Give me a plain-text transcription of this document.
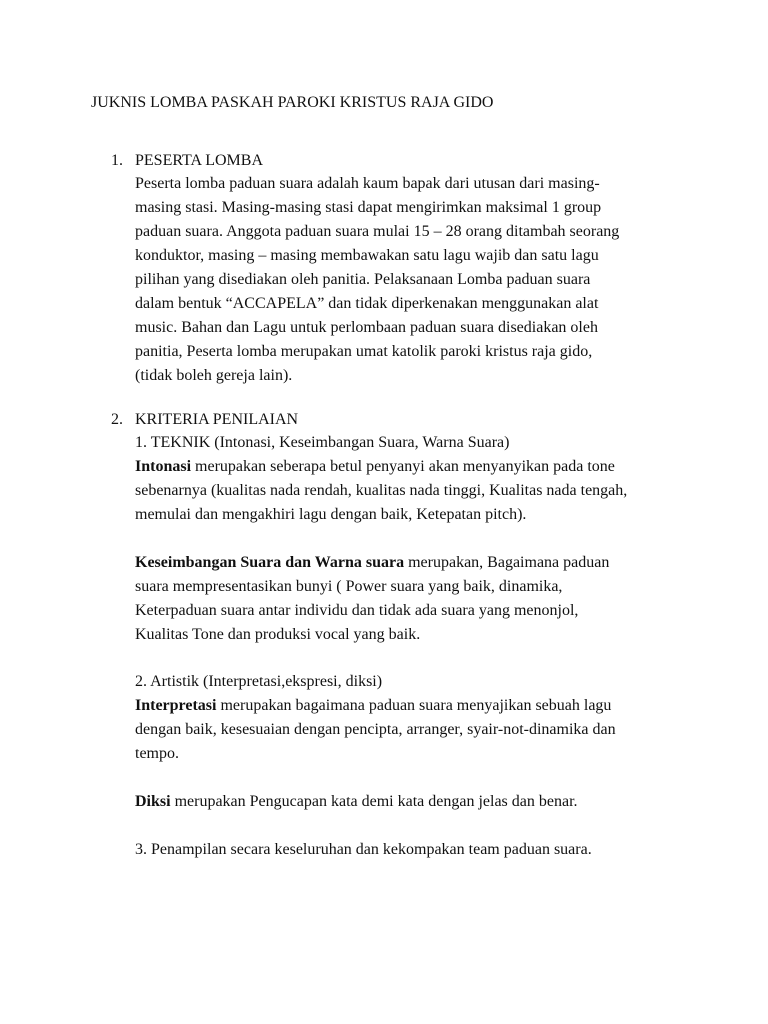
JUKNIS LOMBA PASKAH PAROKI KRISTUS RAJA GIDO
1. PESERTA LOMBA
Peserta lomba paduan suara adalah kaum bapak dari utusan dari masing-
masing stasi. Masing-masing stasi dapat mengirimkan maksimal 1 group
paduan suara. Anggota paduan suara mulai 15 – 28 orang ditambah seorang
konduktor, masing – masing membawakan satu lagu wajib dan satu lagu
pilihan yang disediakan oleh panitia. Pelaksanaan Lomba paduan suara
dalam bentuk “ACCAPELA” dan tidak diperkenakan menggunakan alat
music. Bahan dan Lagu untuk perlombaan paduan suara disediakan oleh
panitia, Peserta lomba merupakan umat katolik paroki kristus raja gido,
(tidak boleh gereja lain).
2. KRITERIA PENILAIAN
1. TEKNIK (Intonasi, Keseimbangan Suara, Warna Suara)
Intonasi merupakan seberapa betul penyanyi akan menyanyikan pada tone
sebenarnya (kualitas nada rendah, kualitas nada tinggi, Kualitas nada tengah,
memulai dan mengakhiri lagu dengan baik, Ketepatan pitch).
Keseimbangan Suara dan Warna suara merupakan, Bagaimana paduan
suara mempresentasikan bunyi ( Power suara yang baik, dinamika,
Keterpaduan suara antar individu dan tidak ada suara yang menonjol,
Kualitas Tone dan produksi vocal yang baik.
2. Artistik (Interpretasi,ekspresi, diksi)
Interpretasi merupakan bagaimana paduan suara menyajikan sebuah lagu
dengan baik, kesesuaian dengan pencipta, arranger, syair-not-dinamika dan
tempo.
Diksi merupakan Pengucapan kata demi kata dengan jelas dan benar.
3. Penampilan secara keseluruhan dan kekompakan team paduan suara.
